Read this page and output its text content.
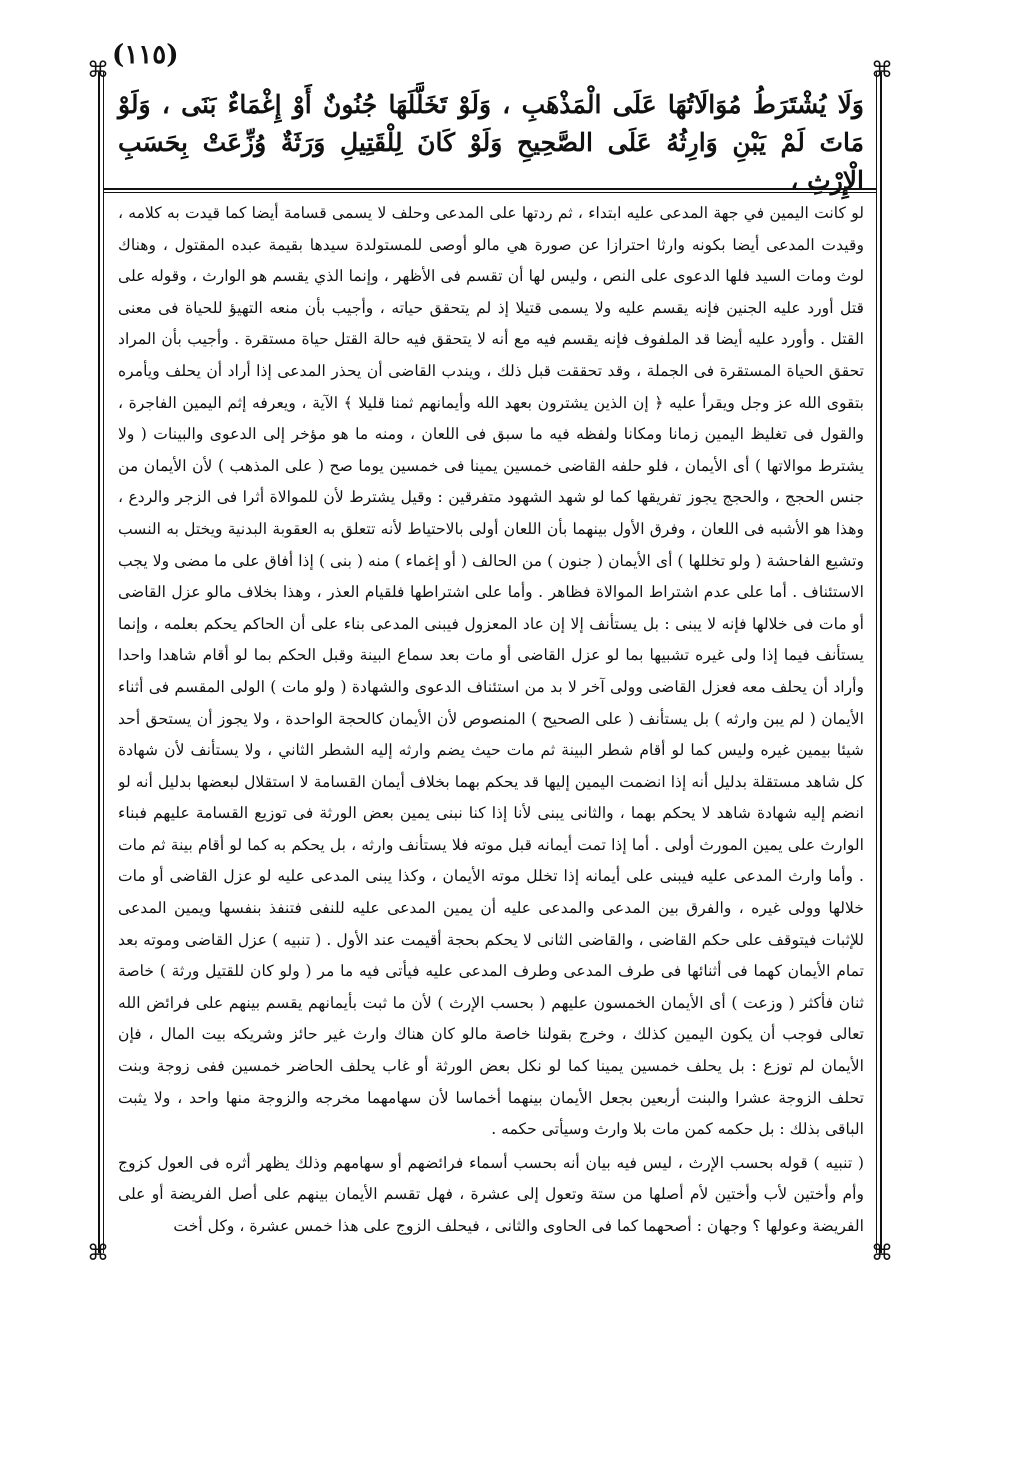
(١١٥)
⌘	⌘
⌘	⌘
وَلَا يُشْتَرَطُ مُوَالَاتُهَا عَلَى الْمَذْهَبِ ، وَلَوْ تَخَلَّلَهَا جُنُونٌ أَوْ إِغْمَاءٌ بَنَى ، وَلَوْ مَاتَ لَمْ يَبْنِ وَارِثُهُ عَلَى الصَّحِيحِ وَلَوْ كَانَ لِلْقَتِيلِ وَرَثَةٌ وُزِّعَتْ بِحَسَبِ الْإِرْثِ ،

لو كانت اليمين في جهة المدعى عليه ابتداء ، ثم ردتها على المدعى وحلف لا يسمى قسامة أيضا كما قيدت به كلامه ، وقيدت المدعى أيضا بكونه وارثا احترازا عن صورة هي مالو أوصى للمستولدة سيدها بقيمة عبده المقتول ، وهناك لوث ومات السيد فلها الدعوى على النص ، وليس لها أن تقسم فى الأظهر ، وإنما الذي يقسم هو الوارث ، وقوله على قتل أورد عليه الجنين فإنه يقسم عليه ولا يسمى قتيلا إذ لم يتحقق حياته ، وأجيب بأن منعه التهيؤ للحياة فى معنى القتل . وأورد عليه أيضا قد الملفوف فإنه يقسم فيه مع أنه لا يتحقق فيه حالة القتل حياة مستقرة . وأجيب بأن المراد تحقق الحياة المستقرة فى الجملة ، وقد تحققت قبل ذلك ، ويندب القاضى أن يحذر المدعى إذا أراد أن يحلف ويأمره بتقوى الله عز وجل ويقرأ عليه ﴿ إن الذين يشترون بعهد الله وأيمانهم ثمنا قليلا ﴾ الآية ، ويعرفه إثم اليمين الفاجرة ، والقول فى تغليظ اليمين زمانا ومكانا ولفظه فيه ما سبق فى اللعان ، ومنه ما هو مؤخر إلى الدعوى والبينات ( ولا يشترط موالاتها ) أى الأيمان ، فلو حلفه القاضى خمسين يمينا فى خمسين يوما صح ( على المذهب ) لأن الأيمان من جنس الحجج ، والحجج يجوز تفريقها كما لو شهد الشهود متفرقين : وقيل يشترط لأن للموالاة أثرا فى الزجر والردع ، وهذا هو الأشبه فى اللعان ، وفرق الأول بينهما بأن اللعان أولى بالاحتياط لأنه تتعلق به العقوبة البدنية ويختل به النسب وتشيع الفاحشة ( ولو تخللها ) أى الأيمان ( جنون ) من الحالف ( أو إغماء ) منه ( بنى ) إذا أفاق على ما مضى ولا يجب الاستئناف . أما على عدم اشتراط الموالاة فظاهر . وأما على اشتراطها فلقيام العذر ، وهذا بخلاف مالو عزل القاضى أو مات فى خلالها فإنه لا يبنى : بل يستأنف إلا إن عاد المعزول فيبنى المدعى بناء على أن الحاكم يحكم بعلمه ، وإنما يستأنف فيما إذا ولى غيره تشبيها بما لو عزل القاضى أو مات بعد سماع البينة وقبل الحكم بما لو أقام شاهدا واحدا وأراد أن يحلف معه فعزل القاضى وولى آخر لا بد من استئناف الدعوى والشهادة ( ولو مات ) الولى المقسم فى أثناء الأيمان ( لم يبن وارثه ) بل يستأنف ( على الصحيح ) المنصوص لأن الأيمان كالحجة الواحدة ، ولا يجوز أن يستحق أحد شيئا بيمين غيره وليس كما لو أقام شطر البينة ثم مات حيث يضم وارثه إليه الشطر الثاني ، ولا يستأنف لأن شهادة كل شاهد مستقلة بدليل أنه إذا انضمت اليمين إليها قد يحكم بهما بخلاف أيمان القسامة لا استقلال لبعضها بدليل أنه لو انضم إليه شهادة شاهد لا يحكم بهما ، والثانى يبنى لأنا إذا كنا نبنى يمين بعض الورثة فى توزيع القسامة عليهم فبناء الوارث على يمين المورث أولى . أما إذا تمت أيمانه قبل موته فلا يستأنف وارثه ، بل يحكم به كما لو أقام بينة ثم مات . وأما وارث المدعى عليه فيبنى على أيمانه إذا تخلل موته الأيمان ، وكذا يبنى المدعى عليه لو عزل القاضى أو مات خلالها وولى غيره ، والفرق بين المدعى والمدعى عليه أن يمين المدعى عليه للنفى فتنفذ بنفسها ويمين المدعى للإثبات فيتوقف على حكم القاضى ، والقاضى الثانى لا يحكم بحجة أقيمت عند الأول . ( تنبيه ) عزل القاضى وموته بعد تمام الأيمان كهما فى أثنائها فى طرف المدعى وطرف المدعى عليه فيأتى فيه ما مر ( ولو كان للقتيل ورثة ) خاصة ثنان فأكثر ( وزعت ) أى الأيمان الخمسون عليهم ( بحسب الإرث ) لأن ما ثبت بأيمانهم يقسم بينهم على فرائض الله تعالى فوجب أن يكون اليمين كذلك ، وخرج بقولنا خاصة مالو كان هناك وارث غير حائز وشريكه بيت المال ، فإن الأيمان لم توزع : بل يحلف خمسين يمينا كما لو نكل بعض الورثة أو غاب يحلف الحاضر خمسين ففى زوجة وبنت تحلف الزوجة عشرا والبنت أربعين بجعل الأيمان بينهما أخماسا لأن سهامهما مخرجه والزوجة منها واحد ، ولا يثبت الباقى بذلك : بل حكمه كمن مات بلا وارث وسيأتى حكمه .

( تنبيه ) قوله بحسب الإرث ، ليس فيه بيان أنه بحسب أسماء فرائضهم أو سهامهم وذلك يظهر أثره فى العول كزوج وأم وأختين لأب وأختين لأم أصلها من ستة وتعول إلى عشرة ، فهل تقسم الأيمان بينهم على أصل الفريضة أو على الفريضة وعولها ؟ وجهان : أصحهما كما فى الحاوى والثانى ، فيحلف الزوج على هذا خمس عشرة ، وكل أخت
